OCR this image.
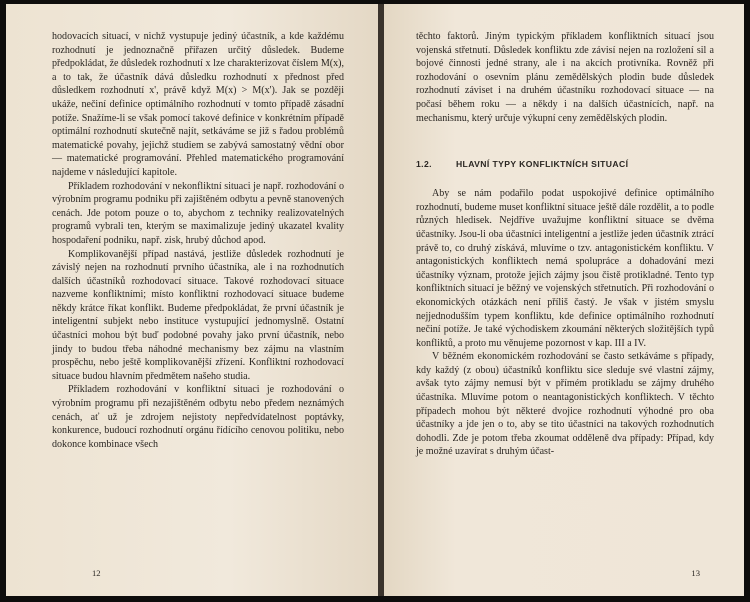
hodovacích situací, v nichž vystupuje jediný účastník, a kde každému rozhodnutí je jednoznačně přiřazen určitý důsledek. Budeme předpokládat, že důsledek rozhodnutí x lze charakterizovat číslem M(x), a to tak, že účastník dává důsledku rozhodnutí x přednost před důsledkem rozhodnutí x', právě když M(x) > M(x'). Jak se později ukáže, nečiní definice optimálního rozhodnutí v tomto případě zásadní potíže. Snažíme-li se však pomocí takové definice v konkrétním případě optimální rozhodnutí skutečně najít, setkáváme se již s řadou problémů matematické povahy, jejichž studiem se zabývá samostatný vědní obor — matematické programování. Přehled matematického programování najdeme v následující kapitole.

Příkladem rozhodování v nekonfliktní situaci je např. rozhodování o výrobním programu podniku při zajištěném odbytu a pevně stanovených cenách. Jde potom pouze o to, abychom z techniky realizovatelných programů vybrali ten, kterým se maximalizuje jediný ukazatel kvality hospodaření podniku, např. zisk, hrubý důchod apod.

Komplikovanější případ nastává, jestliže důsledek rozhodnutí je závislý nejen na rozhodnutí prvního účastníka, ale i na rozhodnutích dalších účastníků rozhodovací situace. Takové rozhodovací situace nazveme konfliktními; místo konfliktní rozhodovací situace budeme někdy krátce říkat konflikt. Budeme předpokládat, že první účastník je inteligentní subjekt nebo instituce vystupující jednomyslně. Ostatní účastníci mohou být buď podobné povahy jako první účastník, nebo jindy to budou třeba náhodné mechanismy bez zájmu na vlastním prospěchu, nebo ještě komplikovanější zřízení. Konfliktní rozhodovací situace budou hlavním předmětem našeho studia.

Příkladem rozhodování v konfliktní situaci je rozhodování o výrobním programu při nezajištěném odbytu nebo předem neznámých cenách, ať už je zdrojem nejistoty nepředvídatelnost poptávky, konkurence, budoucí rozhodnutí orgánu řídícího cenovou politiku, nebo dokonce kombinace všech

12

těchto faktorů. Jiným typickým příkladem konfliktních situací jsou vojenská střetnutí. Důsledek konfliktu zde závisí nejen na rozložení sil a bojové činnosti jedné strany, ale i na akcích protivníka. Rovněž při rozhodování o osevním plánu zemědělských plodin bude důsledek rozhodnutí záviset i na druhém účastníku rozhodovací situace — na počasí během roku — a někdy i na dalších účastnících, např. na mechanismu, který určuje výkupní ceny zemědělských plodin.

1.2.	HLAVNÍ TYPY KONFLIKTNÍCH SITUACÍ

Aby se nám podařilo podat uspokojivé definice optimálního rozhodnutí, budeme muset konfliktní situace ještě dále rozdělit, a to podle různých hledisek. Nejdříve uvažujme konfliktní situace se dvěma účastníky. Jsou-li oba účastníci inteligentní a jestliže jeden účastník ztrácí právě to, co druhý získává, mluvíme o tzv. antagonistickém konfliktu. V antagonistických konfliktech nemá spolupráce a dohadování mezi účastníky význam, protože jejich zájmy jsou čistě protikladné. Tento typ konfliktních situací je běžný ve vojenských střetnutích. Při rozhodování o ekonomických otázkách není příliš častý. Je však v jistém smyslu nejjednodušším typem konfliktu, kde definice optimálního rozhodnutí nečiní potíže. Je také východiskem zkoumání některých složitějších typů konfliktů, a proto mu věnujeme pozornost v kap. III a IV.

V běžném ekonomickém rozhodování se často setkáváme s případy, kdy každý (z obou) účastníků konfliktu sice sleduje své vlastní zájmy, avšak tyto zájmy nemusí být v přímém protikladu se zájmy druhého účastníka. Mluvíme potom o neantagonistických konfliktech. V těchto případech mohou být některé dvojice rozhodnutí výhodné pro oba účastníky a jde jen o to, aby se tito účastníci na takových rozhodnutích dohodli. Zde je potom třeba zkoumat odděleně dva případy: Případ, kdy je možné uzavírat s druhým účast-

13
